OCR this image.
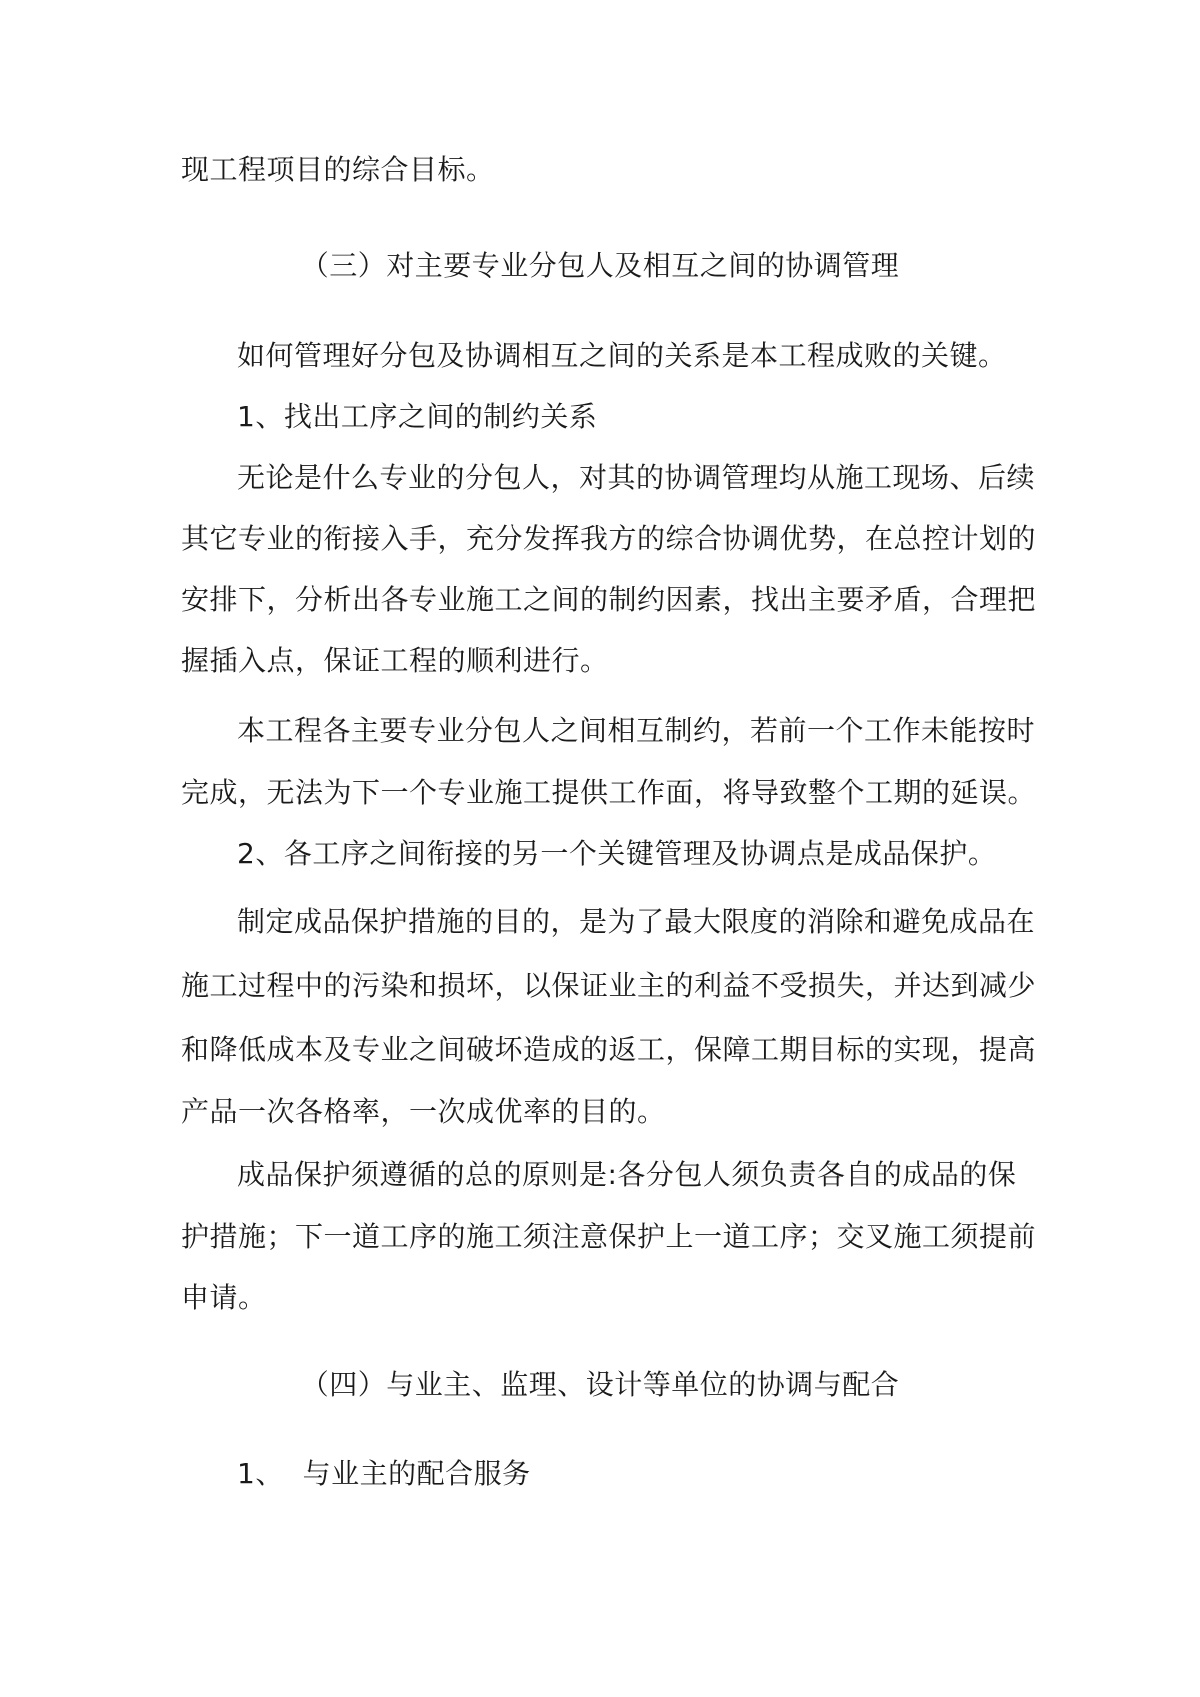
现工程项目的综合目标。
（三）对主要专业分包人及相互之间的协调管理
如何管理好分包及协调相互之间的关系是本工程成败的关键。
1、找出工序之间的制约关系
无论是什么专业的分包人，对其的协调管理均从施工现场、后续
其它专业的衔接入手，充分发挥我方的综合协调优势，在总控计划的
安排下，分析出各专业施工之间的制约因素，找出主要矛盾，合理把
握插入点，保证工程的顺利进行。
本工程各主要专业分包人之间相互制约，若前一个工作未能按时
完成，无法为下一个专业施工提供工作面，将导致整个工期的延误。
2、各工序之间衔接的另一个关键管理及协调点是成品保护。
制定成品保护措施的目的，是为了最大限度的消除和避免成品在
施工过程中的污染和损坏，以保证业主的利益不受损失，并达到减少
和降低成本及专业之间破坏造成的返工，保障工期目标的实现，提高
产品一次各格率，一次成优率的目的。
成品保护须遵循的总的原则是:各分包人须负责各自的成品的保
护措施；下一道工序的施工须注意保护上一道工序；交叉施工须提前
申请。
（四）与业主、监理、设计等单位的协调与配合
1、  与业主的配合服务
